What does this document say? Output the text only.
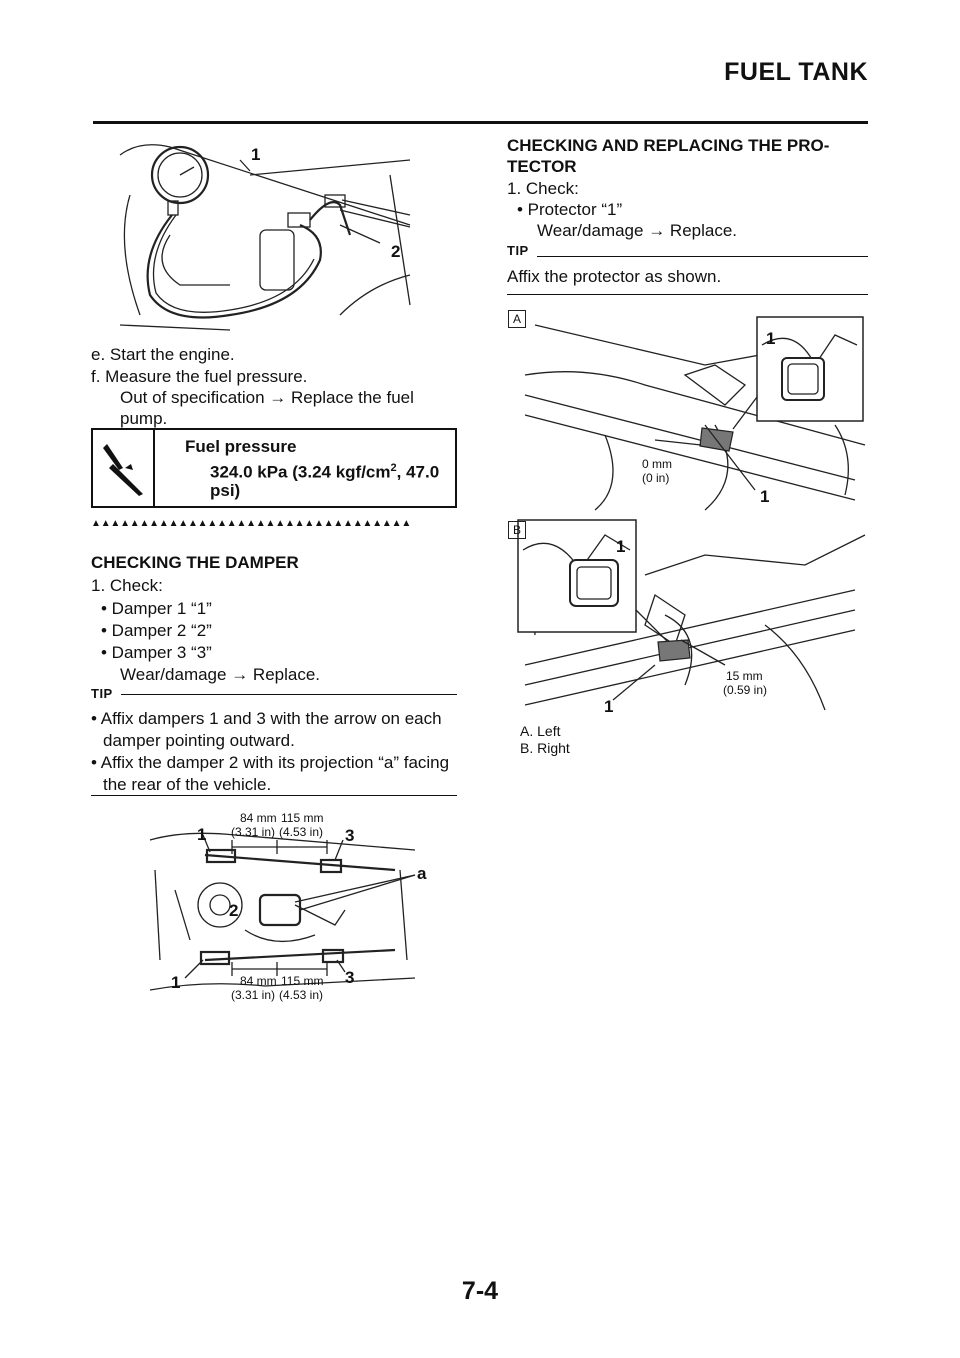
FUEL TANK
1
2
e. Start the engine.
f. Measure the fuel pressure.
Out of specification → Replace the fuel
pump.
Fuel pressure
324.0 kPa (3.24 kgf/$cm^2$, 47.0
psi)
▲▲▲▲▲▲▲▲▲▲▲▲▲▲▲▲▲▲▲▲▲▲▲▲▲▲▲▲▲▲▲▲▲
CHECKING THE DAMPER
1. Check:
• Damper 1 “1”
• Damper 2 “2”
• Damper 3 “3”
Wear/damage → Replace.
TIP
• Affix dampers 1 and 3 with the arrow on each
damper pointing outward.
• Affix the damper 2 with its projection “a” facing
the rear of the vehicle.
84 mm
(3.31 in)
115 mm
(4.53 in)
1	3
a
2
1	3
84 mm
(3.31 in)
115 mm
(4.53 in)
CHECKING AND REPLACING THE PRO-
TECTOR
1. Check:
• Protector “1”
Wear/damage → Replace.
TIP
Affix the protector as shown.
A
1
1
0 mm
(0 in)
B
1
1
15 mm
(0.59 in)
A. Left
B. Right
7-4
